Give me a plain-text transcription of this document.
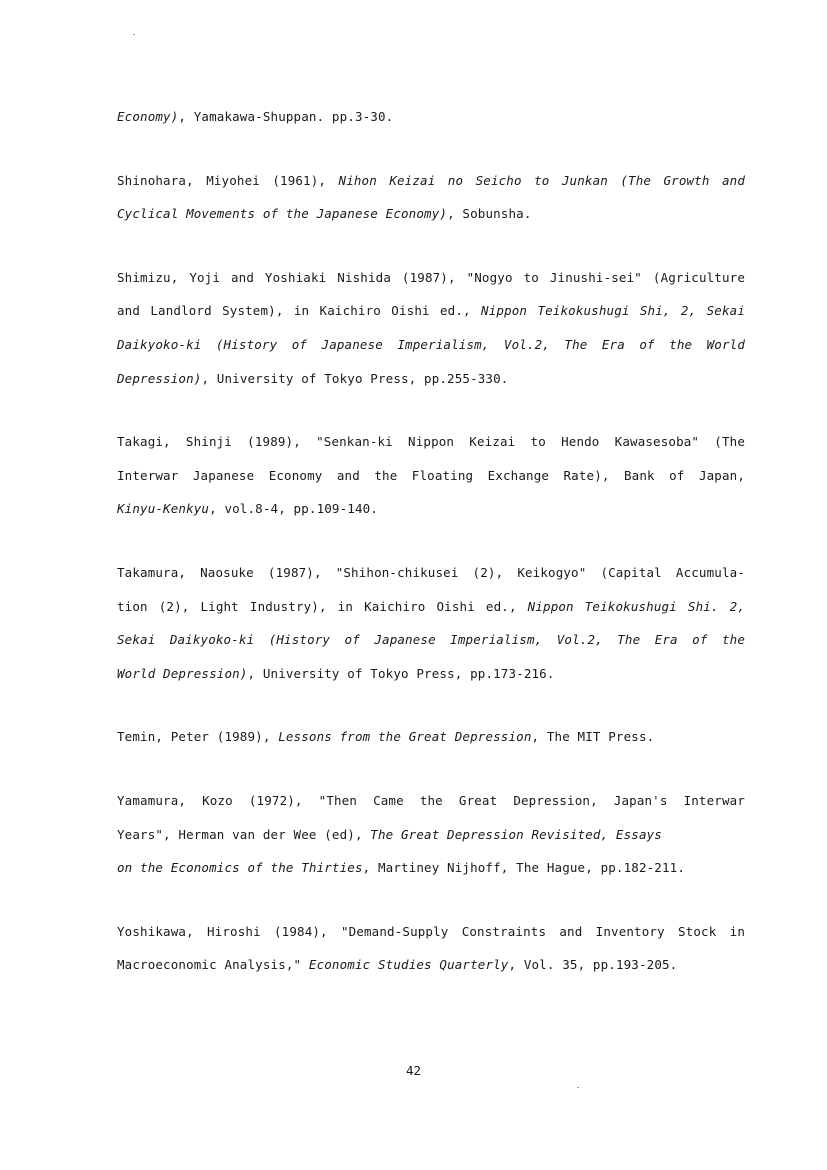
Economy), Yamakawa-Shuppan. pp.3-30.
Shinohara, Miyohei (1961), Nihon Keizai no Seicho to Junkan (The Growth and
Cyclical Movements of the Japanese Economy), Sobunsha.
Shimizu, Yoji and Yoshiaki Nishida (1987), "Nogyo to Jinushi-sei" (Agriculture
and Landlord System), in Kaichiro Oishi ed., Nippon Teikokushugi Shi, 2, Sekai
Daikyoko-ki (History of Japanese Imperialism, Vol.2, The Era of the World
Depression), University of Tokyo Press, pp.255-330.
Takagi, Shinji (1989), "Senkan-ki Nippon Keizai to Hendo Kawasesoba" (The
Interwar Japanese Economy and the Floating Exchange Rate), Bank of Japan,
Kinyu-Kenkyu, vol.8-4, pp.109-140.
Takamura, Naosuke (1987), "Shihon-chikusei (2), Keikogyo" (Capital Accumula-
tion (2), Light Industry), in Kaichiro Oishi ed., Nippon Teikokushugi Shi. 2,
Sekai Daikyoko-ki (History of Japanese Imperialism, Vol.2, The Era of the
World Depression), University of Tokyo Press, pp.173-216.
Temin, Peter (1989), Lessons from the Great Depression, The MIT Press.
Yamamura, Kozo (1972), "Then Came the Great Depression, Japan's Interwar
Years", Herman van der Wee (ed), The Great Depression Revisited, Essays
on the Economics of the Thirties, Martiney Nijhoff, The Hague, pp.182-211.
Yoshikawa, Hiroshi (1984), "Demand-Supply Constraints and Inventory Stock in
Macroeconomic Analysis," Economic Studies Quarterly, Vol. 35, pp.193-205.
42
